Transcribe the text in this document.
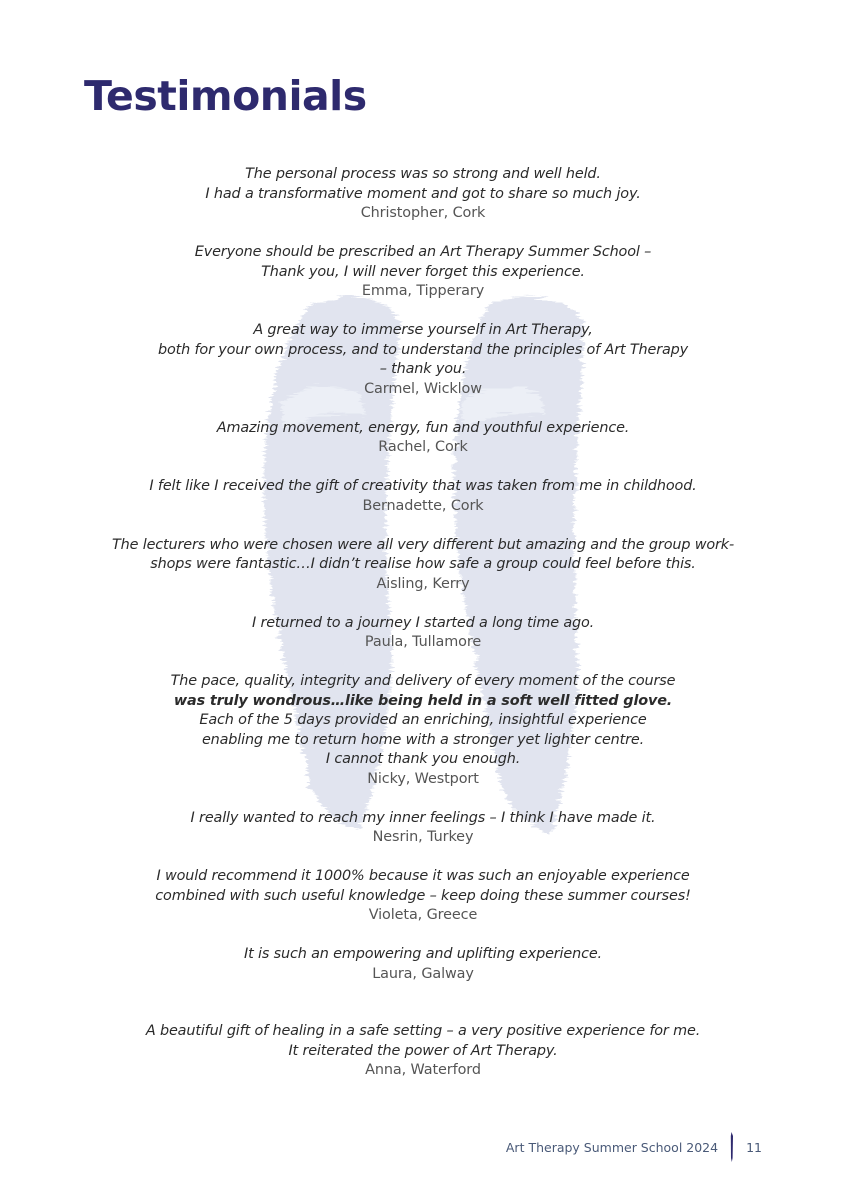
Testimonials
The personal process was so strong and well held.
I had a transformative moment and got to share so much joy.
Christopher, Cork
Everyone should be prescribed an Art Therapy Summer School –
Thank you, I will never forget this experience.
Emma, Tipperary
A great way to immerse yourself in Art Therapy,
both for your own process, and to understand the principles of Art Therapy
– thank you.
Carmel, Wicklow
Amazing movement, energy, fun and youthful experience.
Rachel, Cork
I felt like I received the gift of creativity that was taken from me in childhood.
Bernadette, Cork
The lecturers who were chosen were all very different but amazing and the group work-
shops were fantastic…I didn’t realise how safe a group could feel before this.
Aisling, Kerry
I returned to a journey I started a long time ago.
Paula, Tullamore
The pace, quality, integrity and delivery of every moment of the course
was truly wondrous…like being held in a soft well fitted glove.
Each of the 5 days provided an enriching, insightful experience
enabling me to return home with a stronger yet lighter centre.
I cannot thank you enough.
Nicky, Westport
I really wanted to reach my inner feelings – I think I have made it.
Nesrin, Turkey
I would recommend it 1000% because it was such an enjoyable experience
combined with such useful knowledge – keep doing these summer courses!
Violeta, Greece
It is such an empowering and uplifting experience.
Laura, Galway
A beautiful gift of healing in a safe setting – a very positive experience for me.
It reiterated the power of Art Therapy.
Anna, Waterford
Art Therapy Summer School 2024 11
